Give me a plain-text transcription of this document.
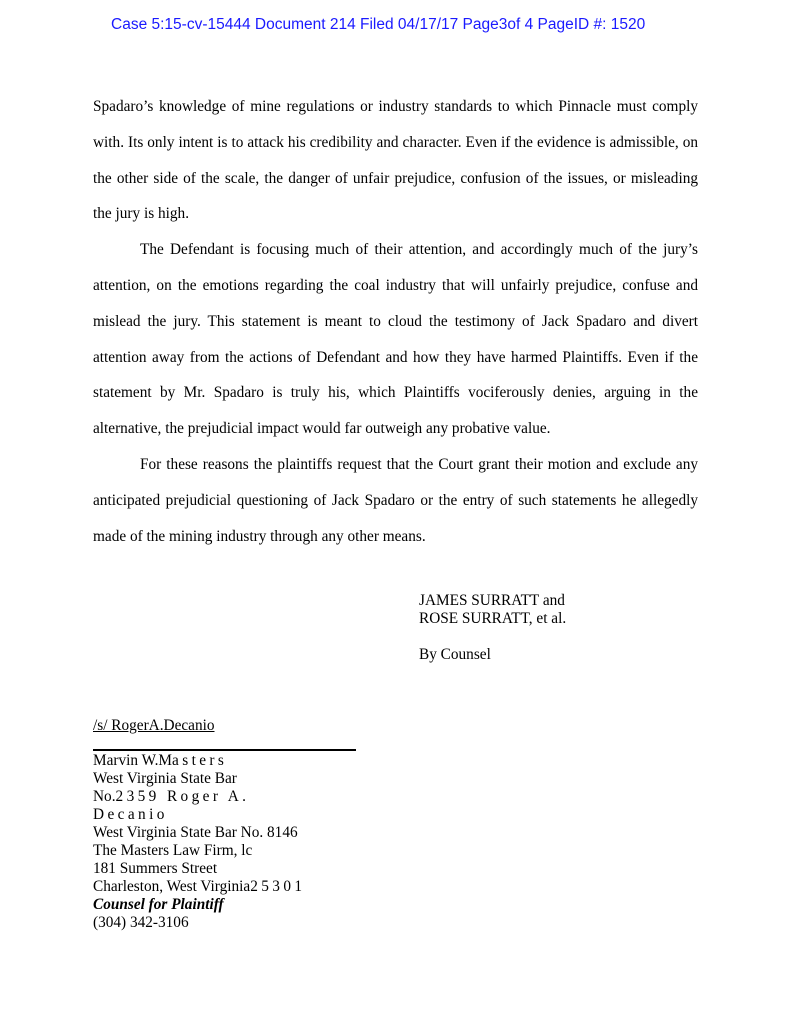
Case 5:15-cv-15444 Document 214 Filed 04/17/17 Page3of 4 PageID #: 1520

Spadaro’s knowledge of mine regulations or industry standards to which Pinnacle must comply with. Its only intent is to attack his credibility and character. Even if the evidence is admissible, on the other side of the scale, the danger of unfair prejudice, confusion of the issues, or misleading the jury is high.

The Defendant is focusing much of their attention, and accordingly much of the jury’s attention, on the emotions regarding the coal industry that will unfairly prejudice, confuse and mislead the jury. This statement is meant to cloud the testimony of Jack Spadaro and divert attention away from the actions of Defendant and how they have harmed Plaintiffs. Even if the statement by Mr. Spadaro is truly his, which Plaintiffs vociferously denies, arguing in the alternative, the prejudicial impact would far outweigh any probative value.

For these reasons the plaintiffs request that the Court grant their motion and exclude any anticipated prejudicial questioning of Jack Spadaro or the entry of such statements he allegedly made of the mining industry through any other means.

JAMES SURRATT and
ROSE SURRATT, et al.
By Counsel
/s/ RogerA.Decanio
Marvin W.Masters
West Virginia State Bar
No.2359 Roger A.
Decanio
West Virginia State Bar No. 8146
The Masters Law Firm, lc
181 Summers Street
Charleston, West Virginia25301
Counsel for Plaintiff
(304) 342-3106
